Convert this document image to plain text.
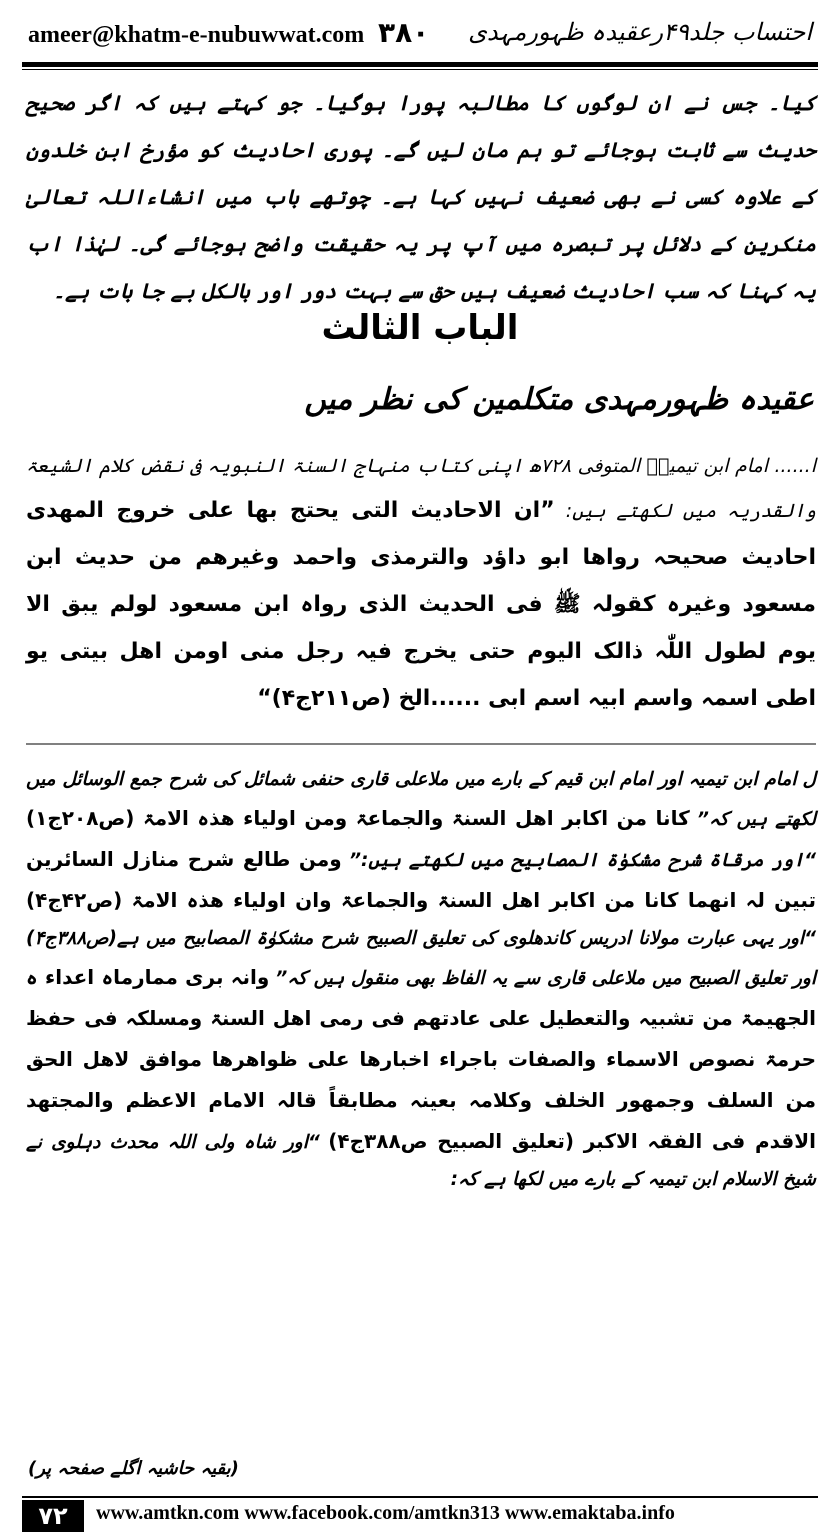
ameer@khatm-e-nubuwwat.com ۳۸۰ احتساب جلد۴۹رعقیدہ ظہورمہدی
کیا۔ جس نے ان لوگوں کا مطالبہ پورا ہوگیا۔ جو کہتے ہیں کہ اگر صحیح حدیث سے ثابت ہوجائے تو ہم مان لیں گے۔ پوری احادیث کو مؤرخ ابن خلدون کے علاوہ کسی نے بھی ضعیف نہیں کہا ہے۔ چوتھے باب میں انشاءاللہ تعالیٰ منکرین کے دلائل پر تبصرہ میں آپ پر یہ حقیقت واضح ہوجائے گی۔ لہٰذا اب یہ کہنا کہ سب احادیث ضعیف ہیں حق سے بہت دور اور بالکل بے جا بات ہے۔
الباب الثالث
عقیدہ ظہورمہدی متکلمین کی نظر میں
ا...... امام ابن تیمیہؒ المتوفی ۷۲۸ھ اپنی کتاب منہاج السنۃ النبویہ فی نقض کلام الشیعۃ والقدریہ میں لکھتے ہیں: ”ان الاحادیث التی یحتج بھا علی خروج المھدی احادیث صحیحہ رواھا ابو داؤد والترمذی واحمد وغیرھم من حدیث ابن مسعود وغیرہ کقولہ ﷺ فی الحدیث الذی رواہ ابن مسعود لولم یبق الا یوم لطول اللّٰہ ذالک الیوم حتی یخرج فیہ رجل منی اومن اھل بیتی یو اطی اسمہ واسم ابیہ اسم ابی ......الخ (ص۲۱۱ج۴)“
ل امام ابن تیمیہ اور امام ابن قیم کے بارے میں ملاعلی قاری حنفی شمائل کی شرح جمع الوسائل میں لکھتے ہیں کہ” کانا من اکابر اھل السنۃ والجماعۃ ومن اولیاء ھذہ الامۃ (ص۲۰۸ج۱) “اور مرقاۃ شرح مشکوٰۃ المصابیح میں لکھتے ہیں:” ومن طالع شرح منازل السائرین تبین لہ انھما کانا من اکابر اھل السنۃ والجماعۃ وان اولیاء ھذہ الامۃ (ص۴۲ج۴) “اور یہی عبارت مولانا ادریس کاندھلوی کی تعلیق الصبیح شرح مشکوٰۃ المصابیح میں ہے(ص۳۸۸ج۴) اور تعلیق الصبیح میں ملاعلی قاری سے یہ الفاظ بھی منقول ہیں کہ” وانہ بری ممارماہ اعداء ہ الجھیمۃ من تشبیہ والتعطیل علی عادتھم فی رمی اھل السنۃ ومسلکہ فی حفظ حرمۃ نصوص الاسماء والصفات باجراء اخبارھا علی ظواھرھا موافق لاھل الحق من السلف وجمھور الخلف وکلامہ بعینہ مطابقاً قالہ الامام الاعظم والمجتھد الاقدم فی الفقہ الاکبر (تعلیق الصبیح ص۳۸۸ج۴) “اور شاہ ولی اللہ محدث دہلوی نے شیخ الاسلام ابن تیمیہ کے بارے میں لکھا ہے کہ:
(بقیہ حاشیہ اگلے صفحہ پر)
۷۲	www.amtkn.com www.facebook.com/amtkn313 www.emaktaba.info
